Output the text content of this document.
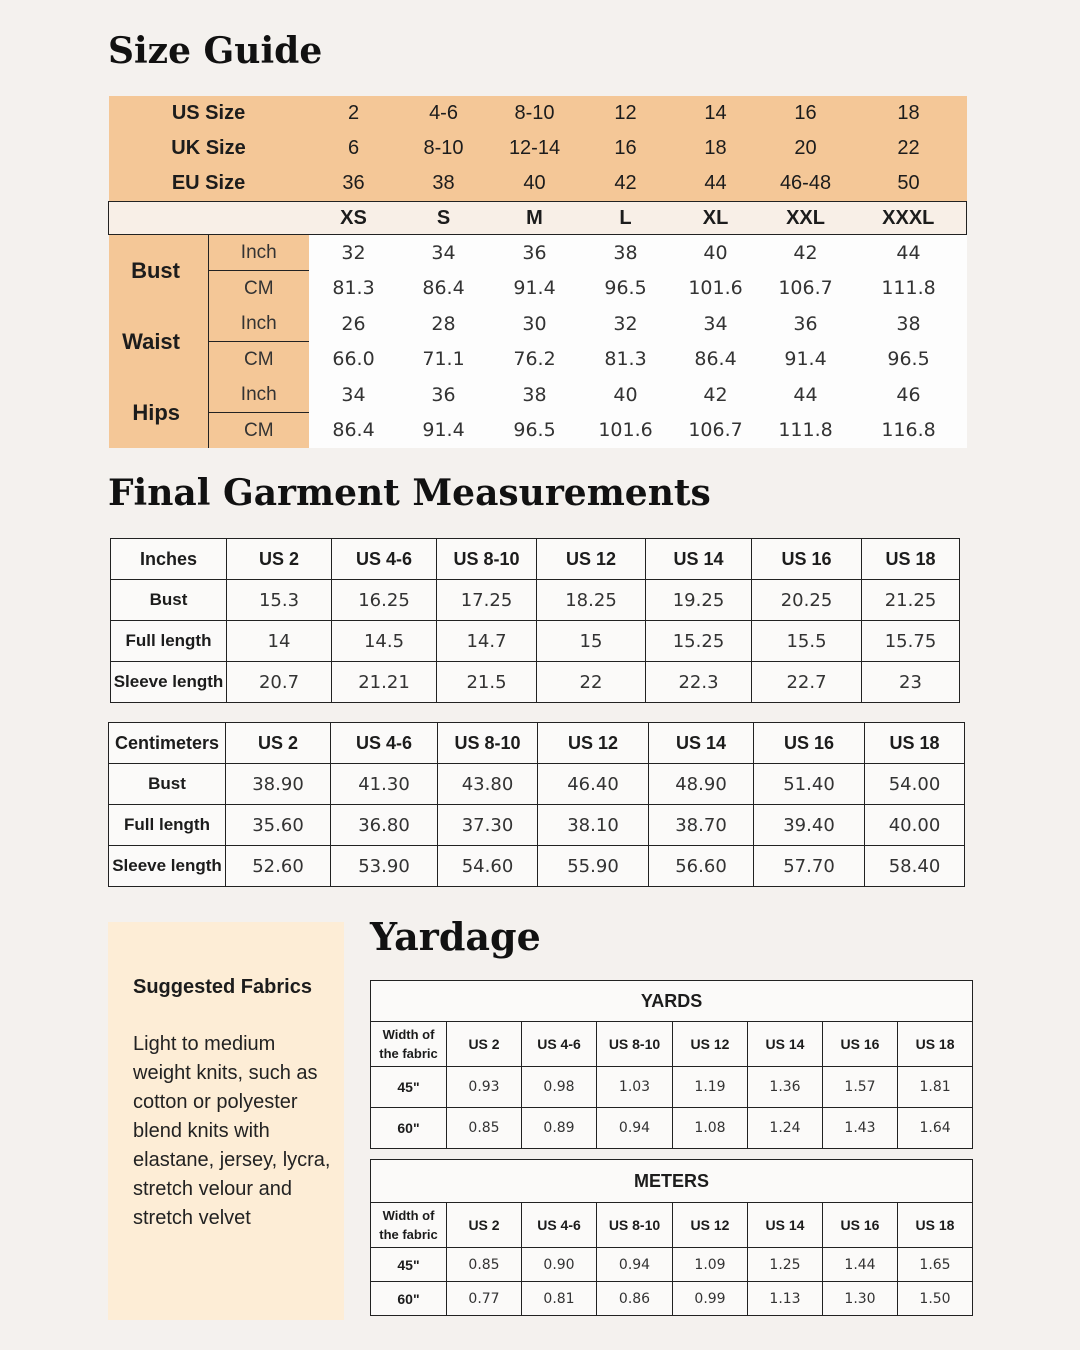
Size Guide
US Size		2	4-6	8-10	12	14	16	18
UK Size		6	8-10	12-14	16	18	20	22
EU Size		36	38	40	42	44	46-48	50
		XS	S	M	L	XL	XXL	XXXL
Bust	Inch	32	34	36	38	40	42	44
	CM	81.3	86.4	91.4	96.5	101.6	106.7	111.8
Waist	Inch	26	28	30	32	34	36	38
	CM	66.0	71.1	76.2	81.3	86.4	91.4	96.5
Hips	Inch	34	36	38	40	42	44	46
	CM	86.4	91.4	96.5	101.6	106.7	111.8	116.8
Final Garment Measurements
Inches	US 2	US 4-6	US 8-10	US 12	US 14	US 16	US 18
Bust	15.3	16.25	17.25	18.25	19.25	20.25	21.25
Full length	14	14.5	14.7	15	15.25	15.5	15.75
Sleeve length	20.7	21.21	21.5	22	22.3	22.7	23
Centimeters	US 2	US 4-6	US 8-10	US 12	US 14	US 16	US 18
Bust	38.90	41.30	43.80	46.40	48.90	51.40	54.00
Full length	35.60	36.80	37.30	38.10	38.70	39.40	40.00
Sleeve length	52.60	53.90	54.60	55.90	56.60	57.70	58.40

Suggested Fabrics

Light to medium weight knits, such as cotton or polyester blend knits with elastane, jersey, lycra, stretch velour and stretch velvet

Yardage
YARDS							

Width of
the fabric	US 2	US 4-6	US 8-10	US 12	US 14	US 16	US 18
45"	0.93	0.98	1.03	1.19	1.36	1.57	1.81
60"	0.85	0.89	0.94	1.08	1.24	1.43	1.64
METERS							

Width of
the fabric	US 2	US 4-6	US 8-10	US 12	US 14	US 16	US 18
45"	0.85	0.90	0.94	1.09	1.25	1.44	1.65
60"	0.77	0.81	0.86	0.99	1.13	1.30	1.50
